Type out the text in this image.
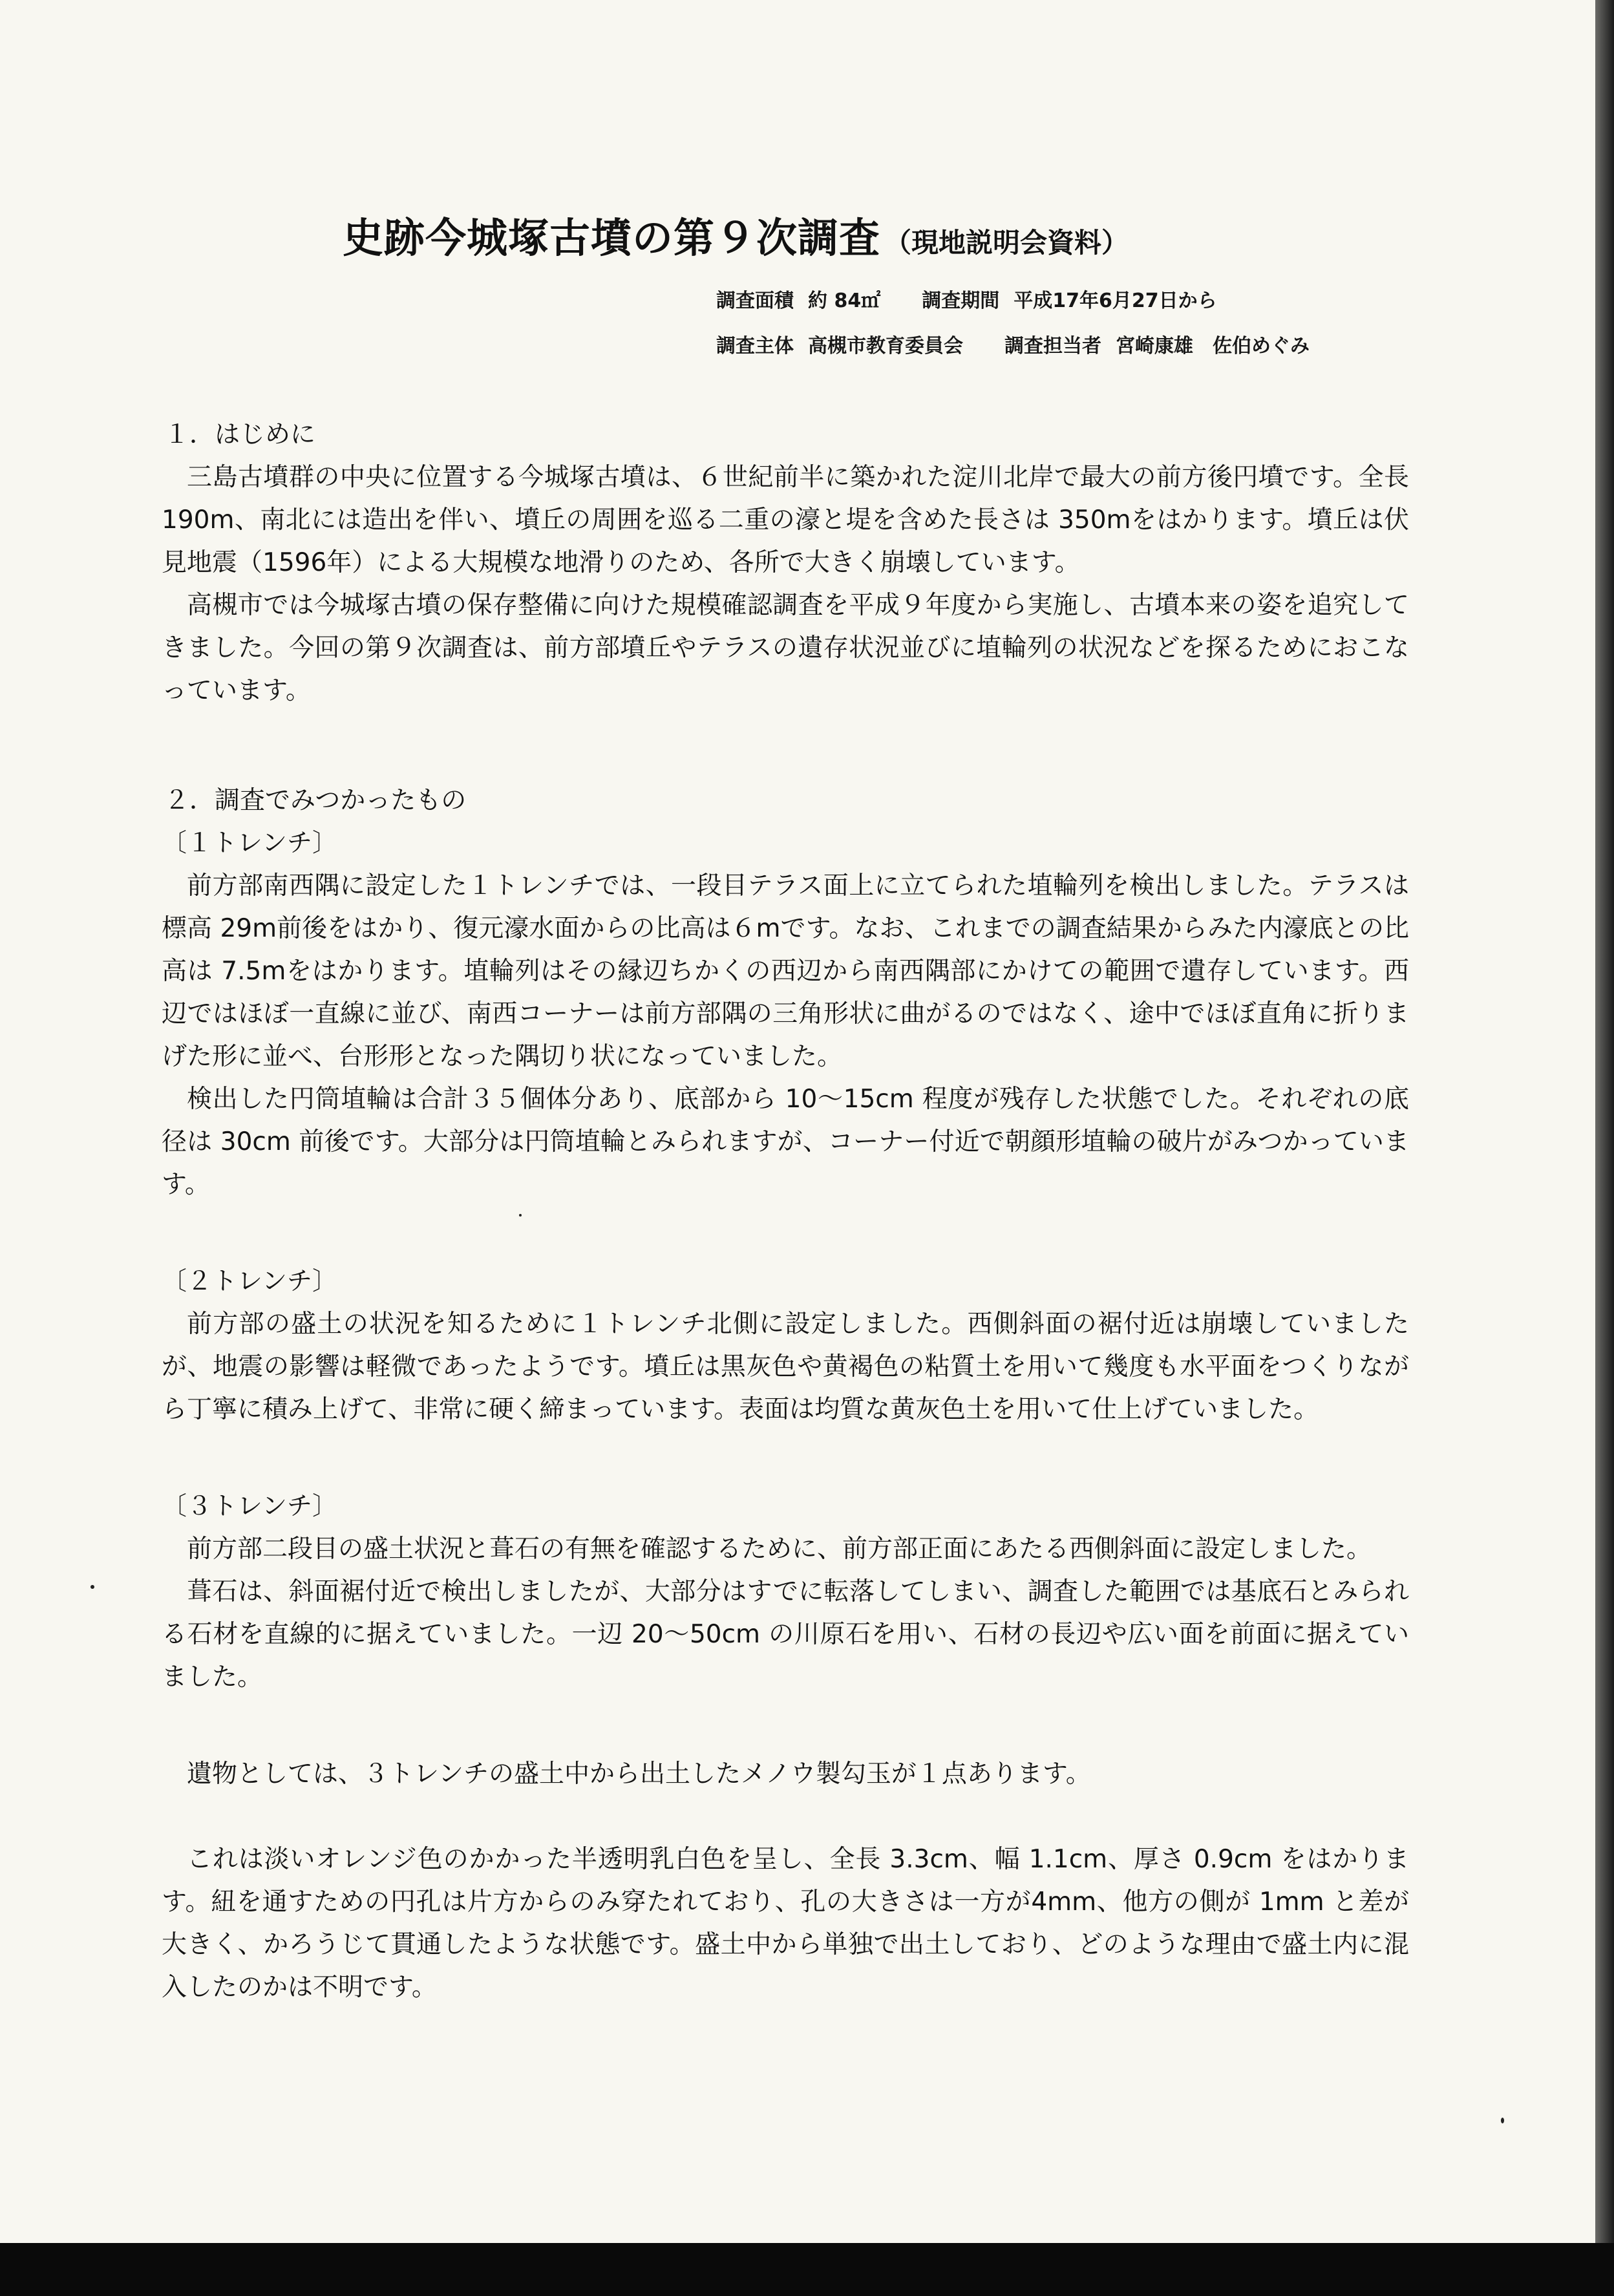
史跡今城塚古墳の第９次調査 （現地説明会資料）
調査面積 約 84㎡ 調査期間 平成17年6月27日から
調査主体 高槻市教育委員会 調査担当者 宮崎康雄　佐伯めぐみ

１．はじめに

三島古墳群の中央に位置する今城塚古墳は、６世紀前半に築かれた淀川北岸で最大の前方後円墳です。全長 190m、南北には造出を伴い、墳丘の周囲を巡る二重の濠と堤を含めた長さは 350mをはかります。墳丘は伏見地震（1596年）による大規模な地滑りのため、各所で大きく崩壊しています。

高槻市では今城塚古墳の保存整備に向けた規模確認調査を平成９年度から実施し、古墳本来の姿を追究してきました。今回の第９次調査は、前方部墳丘やテラスの遺存状況並びに埴輪列の状況などを探るためにおこなっています。

２．調査でみつかったもの

〔１トレンチ〕

前方部南西隅に設定した１トレンチでは、一段目テラス面上に立てられた埴輪列を検出しました。テラスは標高 29m前後をはかり、復元濠水面からの比高は６mです。なお、これまでの調査結果からみた内濠底との比高は 7.5mをはかります。埴輪列はその縁辺ちかくの西辺から南西隅部にかけての範囲で遺存しています。西辺ではほぼ一直線に並び、南西コーナーは前方部隅の三角形状に曲がるのではなく、途中でほぼ直角に折りまげた形に並べ、台形形となった隅切り状になっていました。

検出した円筒埴輪は合計３５個体分あり、底部から 10～15cm 程度が残存した状態でした。それぞれの底径は 30cm 前後です。大部分は円筒埴輪とみられますが、コーナー付近で朝顔形埴輪の破片がみつかっています。

〔２トレンチ〕

前方部の盛土の状況を知るために１トレンチ北側に設定しました。西側斜面の裾付近は崩壊していましたが、地震の影響は軽微であったようです。墳丘は黒灰色や黄褐色の粘質土を用いて幾度も水平面をつくりながら丁寧に積み上げて、非常に硬く締まっています。表面は均質な黄灰色土を用いて仕上げていました。

〔３トレンチ〕

前方部二段目の盛土状況と葺石の有無を確認するために、前方部正面にあたる西側斜面に設定しました。

葺石は、斜面裾付近で検出しましたが、大部分はすでに転落してしまい、調査した範囲では基底石とみられる石材を直線的に据えていました。一辺 20～50cm の川原石を用い、石材の長辺や広い面を前面に据えていました。

遺物としては、３トレンチの盛土中から出土したメノウ製勾玉が１点あります。

これは淡いオレンジ色のかかった半透明乳白色を呈し、全長 3.3cm、幅 1.1cm、厚さ 0.9cm をはかります。紐を通すための円孔は片方からのみ穿たれており、孔の大きさは一方が4mm、他方の側が 1mm と差が大きく、かろうじて貫通したような状態です。盛土中から単独で出土しており、どのような理由で盛土内に混入したのかは不明です。
